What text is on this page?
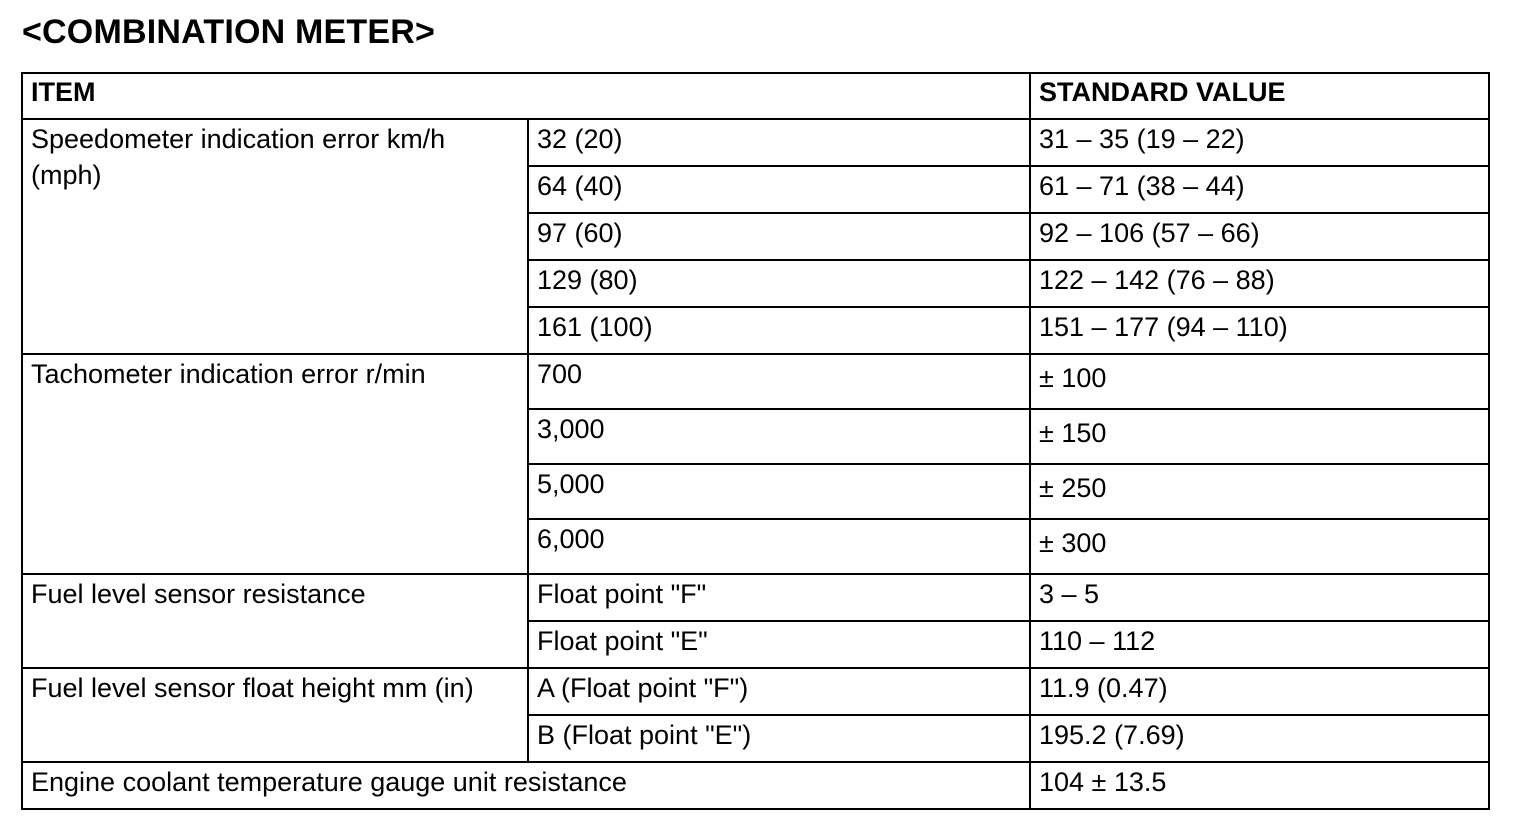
<COMBINATION METER>
ITEM		STANDARD VALUE
Speedometer indication error km/h (mph)	32 (20)	31 – 35 (19 – 22)
	64 (40)	61 – 71 (38 – 44)
	97 (60)	92 – 106 (57 – 66)
	129 (80)	122 – 142 (76 – 88)
	161 (100)	151 – 177 (94 – 110)
Tachometer indication error r/min	700	± 100
	3,000	± 150
	5,000	± 250
	6,000	± 300
Fuel level sensor resistance	Float point "F"	3 – 5
	Float point "E"	110 – 112
Fuel level sensor float height mm (in)	A (Float point "F")	11.9 (0.47)
	B (Float point "E")	195.2 (7.69)
Engine coolant temperature gauge unit resistance		104 ± 13.5
